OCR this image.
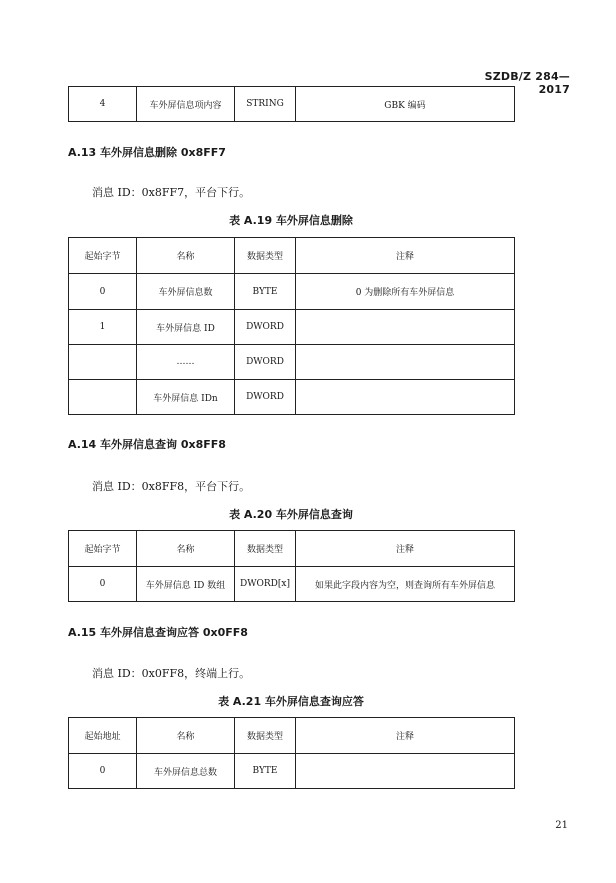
SZDB/Z 284—2017
4	车外屏信息项内容	STRING	GBK 编码
A.13 车外屏信息删除 0x8FF7
消息 ID：0x8FF7，平台下行。
表 A.19 车外屏信息删除
起始字节	名称	数据类型	注释
0	车外屏信息数	BYTE	0 为删除所有车外屏信息
1	车外屏信息 ID	DWORD	
	……	DWORD	
	车外屏信息 IDn	DWORD	
A.14 车外屏信息查询 0x8FF8
消息 ID：0x8FF8，平台下行。
表 A.20 车外屏信息查询
起始字节	名称	数据类型	注释
0	车外屏信息 ID 数组	DWORD[x]	如果此字段内容为空，则查询所有车外屏信息
A.15 车外屏信息查询应答 0x0FF8
消息 ID：0x0FF8，终端上行。
表 A.21 车外屏信息查询应答
起始地址	名称	数据类型	注释
0	车外屏信息总数	BYTE	
21
